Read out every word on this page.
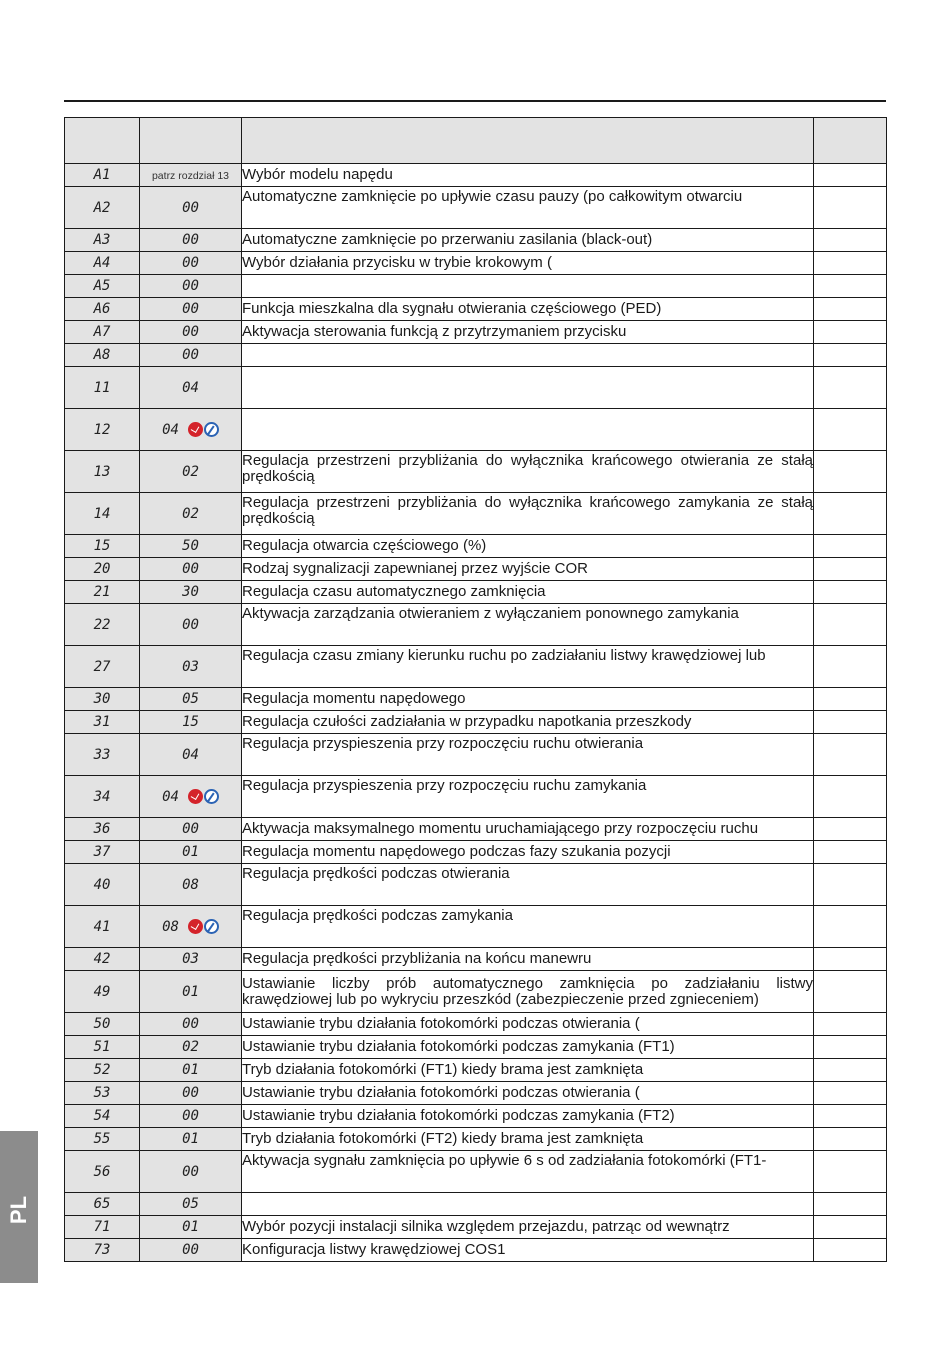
A1	patrz rozdział 13	Wybór modelu napędu	
A2	00	Automatyczne zamknięcie po upływie czasu pauzy (po całkowitym otwarciu	
A3	00	Automatyczne zamknięcie po przerwaniu zasilania (black-out)	
A4	00	Wybór działania przycisku w trybie krokowym (	
A5	00		
A6	00	Funkcja mieszkalna dla sygnału otwierania częściowego (PED)	
A7	00	Aktywacja sterowania funkcją z przytrzymaniem przycisku	
A8	00		
11	04		
12	04		
13	02	Regulacja przestrzeni przybliżania do wyłącznika krańcowego otwierania ze stałą prędkością	
14	02	Regulacja przestrzeni przybliżania do wyłącznika krańcowego zamykania ze stałą prędkością	
15	50	Regulacja otwarcia częściowego (%)	
20	00	Rodzaj sygnalizacji zapewnianej przez wyjście COR	
21	30	Regulacja czasu automatycznego zamknięcia	
22	00	Aktywacja zarządzania otwieraniem z wyłączaniem ponownego zamykania	
27	03	Regulacja czasu zmiany kierunku ruchu po zadziałaniu listwy krawędziowej lub	
30	05	Regulacja momentu napędowego	
31	15	Regulacja czułości zadziałania w przypadku napotkania przeszkody	
33	04	Regulacja przyspieszenia przy rozpoczęciu ruchu otwierania	
34	04	Regulacja przyspieszenia przy rozpoczęciu ruchu zamykania	
36	00	Aktywacja maksymalnego momentu uruchamiającego przy rozpoczęciu ruchu	
37	01	Regulacja momentu napędowego podczas fazy szukania pozycji	
40	08	Regulacja prędkości podczas otwierania	
41	08	Regulacja prędkości podczas zamykania	
42	03	Regulacja prędkości przybliżania na końcu manewru	
49	01	Ustawianie liczby prób automatycznego zamknięcia po zadziałaniu listwy krawędziowej lub po wykryciu przeszkód (zabezpieczenie przed zgnieceniem)	
50	00	Ustawianie trybu działania fotokomórki podczas otwierania (	
51	02	Ustawianie trybu działania fotokomórki podczas zamykania (FT1)	
52	01	Tryb działania fotokomórki (FT1) kiedy brama jest zamknięta	
53	00	Ustawianie trybu działania fotokomórki podczas otwierania (	
54	00	Ustawianie trybu działania fotokomórki podczas zamykania (FT2)	
55	01	Tryb działania fotokomórki (FT2) kiedy brama jest zamknięta	
56	00	Aktywacja sygnału zamknięcia po upływie 6 s od zadziałania fotokomórki (FT1-	
65	05		
71	01	Wybór pozycji instalacji silnika względem przejazdu, patrząc od wewnątrz	
73	00	Konfiguracja listwy krawędziowej COS1	
PL
